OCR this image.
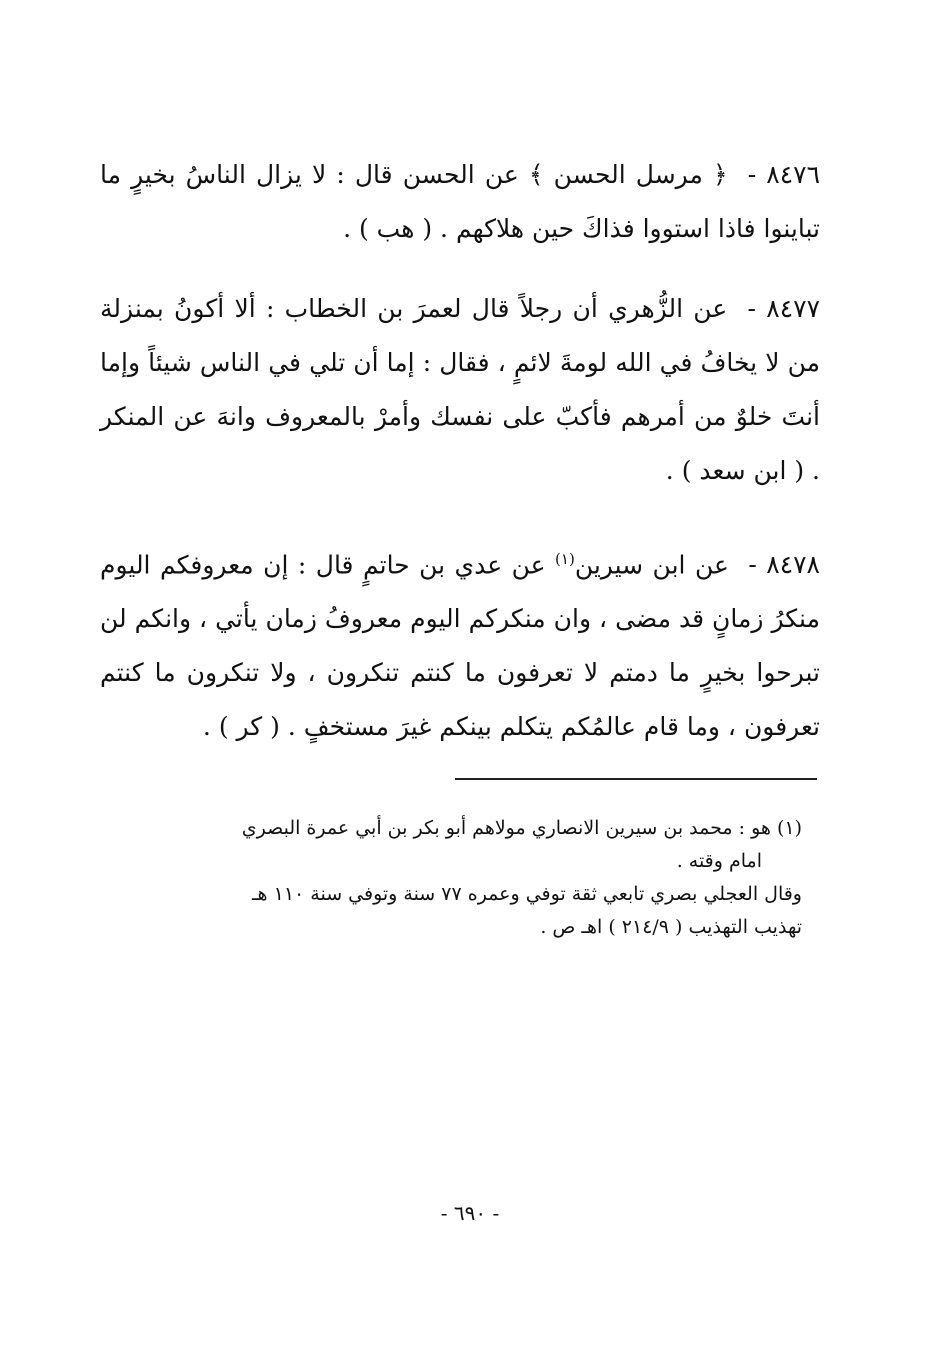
٨٤٧٦ - ﴿ مرسل الحسن ﴾ عن الحسن قال : لا يزال الناسُ بخيرٍ ما تباينوا فاذا استووا فذاكَ حين هلاكهم . ( هب ) .

٨٤٧٧ - عن الزُّهري أن رجلاً قال لعمرَ بن الخطاب : ألا أكونُ بمنزلة من لا يخافُ في الله لومةَ لائمٍ ، فقال : إما أن تلي في الناس شيئاً وإما أنتَ خلوٌ من أمرهم فأكبّ على نفسك وأمرْ بالمعروف وانهَ عن المنكر . ( ابن سعد ) .

٨٤٧٨ - عن ابن سيرين$^{(١)}$ عن عدي بن حاتمٍ قال : إن معروفكم اليوم منكرُ زمانٍ قد مضى ، وان منكركم اليوم معروفُ زمان يأتي ، وانكم لن تبرحوا بخيرٍ ما دمتم لا تعرفون ما كنتم تنكرون ، ولا تنكرون ما كنتم تعرفون ، وما قام عالمُكم يتكلم بينكم غيرَ مستخفٍ . ( كر ) .

(١) هو : محمد بن سيرين الانصاري مولاهم أبو بكر بن أبي عمرة البصري
امام وقته .
وقال العجلي بصري تابعي ثقة توفي وعمره ٧٧ سنة وتوفي سنة ١١٠ هـ
تهذيب التهذيب ( ٢١٤/٩ ) اهـ ص .
- ٦٩٠ -
